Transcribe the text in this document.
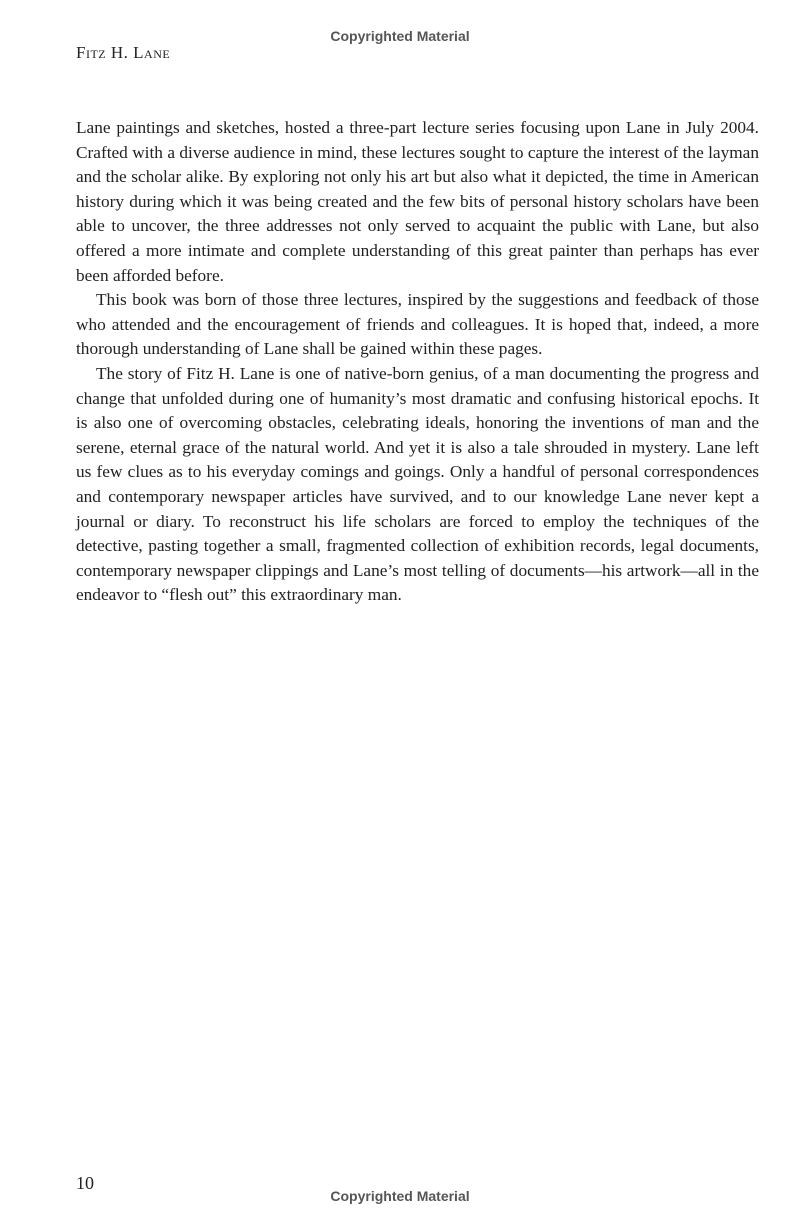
Copyrighted Material
Fitz H. Lane

Lane paintings and sketches, hosted a three-part lecture series focusing upon Lane in July 2004. Crafted with a diverse audience in mind, these lectures sought to capture the interest of the layman and the scholar alike. By exploring not only his art but also what it depicted, the time in American history during which it was being created and the few bits of personal history scholars have been able to uncover, the three addresses not only served to acquaint the public with Lane, but also offered a more intimate and complete understanding of this great painter than perhaps has ever been afforded before.

This book was born of those three lectures, inspired by the suggestions and feedback of those who attended and the encouragement of friends and colleagues. It is hoped that, indeed, a more thorough understanding of Lane shall be gained within these pages.

The story of Fitz H. Lane is one of native-born genius, of a man documenting the progress and change that unfolded during one of humanity’s most dramatic and confusing historical epochs. It is also one of overcoming obstacles, celebrating ideals, honoring the inventions of man and the serene, eternal grace of the natural world. And yet it is also a tale shrouded in mystery. Lane left us few clues as to his everyday comings and goings. Only a handful of personal correspondences and contemporary newspaper articles have survived, and to our knowledge Lane never kept a journal or diary. To reconstruct his life scholars are forced to employ the techniques of the detective, pasting together a small, fragmented collection of exhibition records, legal documents, contemporary newspaper clippings and Lane’s most telling of documents—his artwork—all in the endeavor to “flesh out” this extraordinary man.

10
Copyrighted Material
